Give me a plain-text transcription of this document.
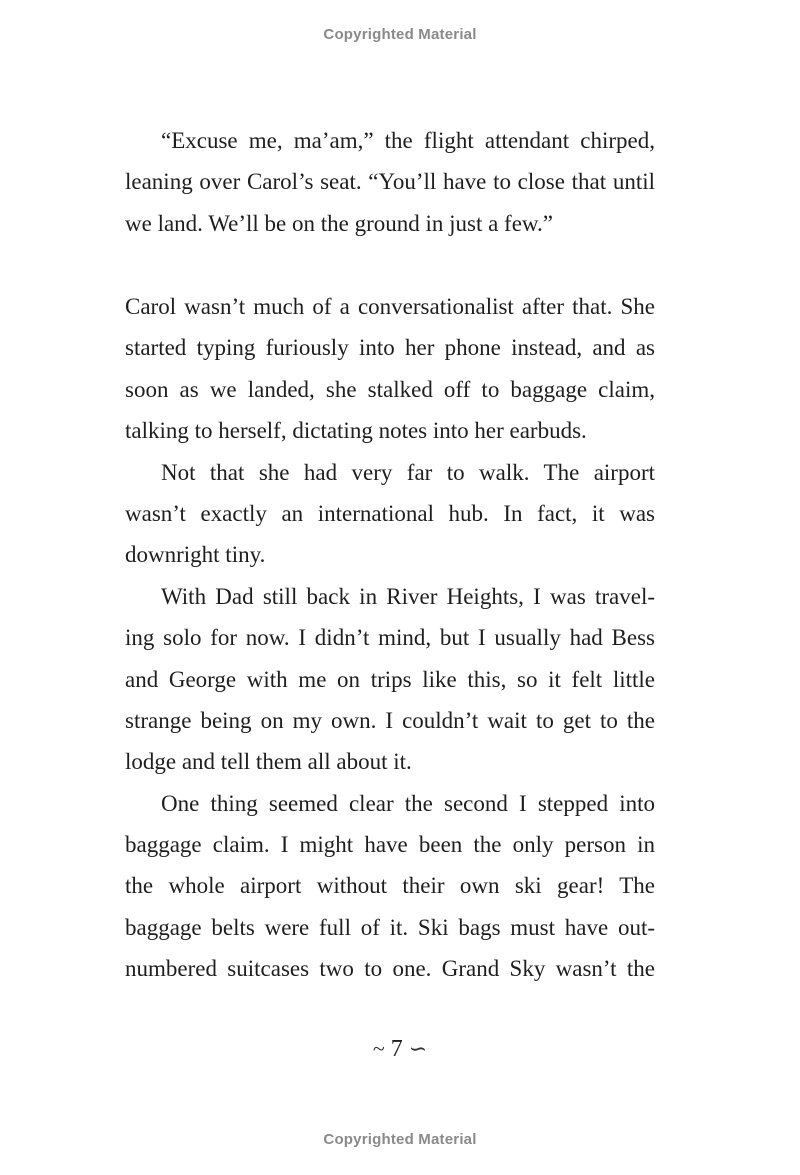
Copyrighted Material
“Excuse me, ma’am,” the flight attendant chirped,
leaning over Carol’s seat. “You’ll have to close that until
we land. We’ll be on the ground in just a few.”
Carol wasn’t much of a conversationalist after that. She
started typing furiously into her phone instead, and as
soon as we landed, she stalked off to baggage claim,
talking to herself, dictating notes into her earbuds.
Not that she had very far to walk. The airport
wasn’t exactly an international hub. In fact, it was
downright tiny.
With Dad still back in River Heights, I was travel-
ing solo for now. I didn’t mind, but I usually had Bess
and George with me on trips like this, so it felt little
strange being on my own. I couldn’t wait to get to the
lodge and tell them all about it.
One thing seemed clear the second I stepped into
baggage claim. I might have been the only person in
the whole airport without their own ski gear! The
baggage belts were full of it. Ski bags must have out-
numbered suitcases two to one. Grand Sky wasn’t the
~ 7 ∽
Copyrighted Material
